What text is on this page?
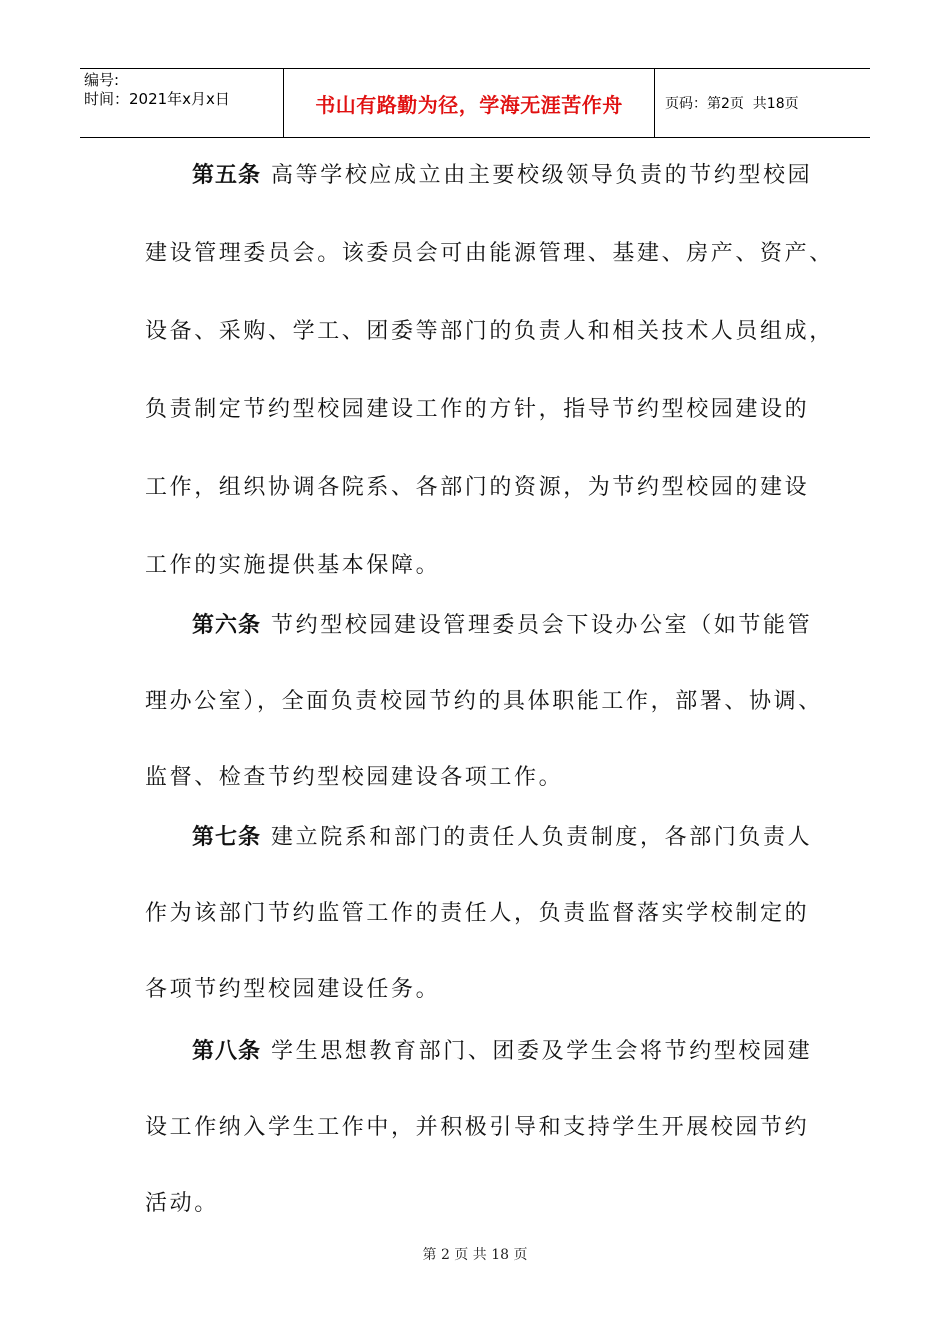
编号:
时间：2021年x月x日	书山有路勤为径，学海无涯苦作舟	页码：第2页  共18页
第五条 高等学校应成立由主要校级领导负责的节约型校园
建设管理委员会。该委员会可由能源管理、基建、房产、资产、
设备、采购、学工、团委等部门的负责人和相关技术人员组成，
负责制定节约型校园建设工作的方针，指导节约型校园建设的
工作，组织协调各院系、各部门的资源，为节约型校园的建设
工作的实施提供基本保障。
第六条 节约型校园建设管理委员会下设办公室（如节能管
理办公室），全面负责校园节约的具体职能工作，部署、协调、
监督、检查节约型校园建设各项工作。
第七条 建立院系和部门的责任人负责制度，各部门负责人
作为该部门节约监管工作的责任人，负责监督落实学校制定的
各项节约型校园建设任务。
第八条 学生思想教育部门、团委及学生会将节约型校园建
设工作纳入学生工作中，并积极引导和支持学生开展校园节约
活动。
第 2 页 共 18 页
